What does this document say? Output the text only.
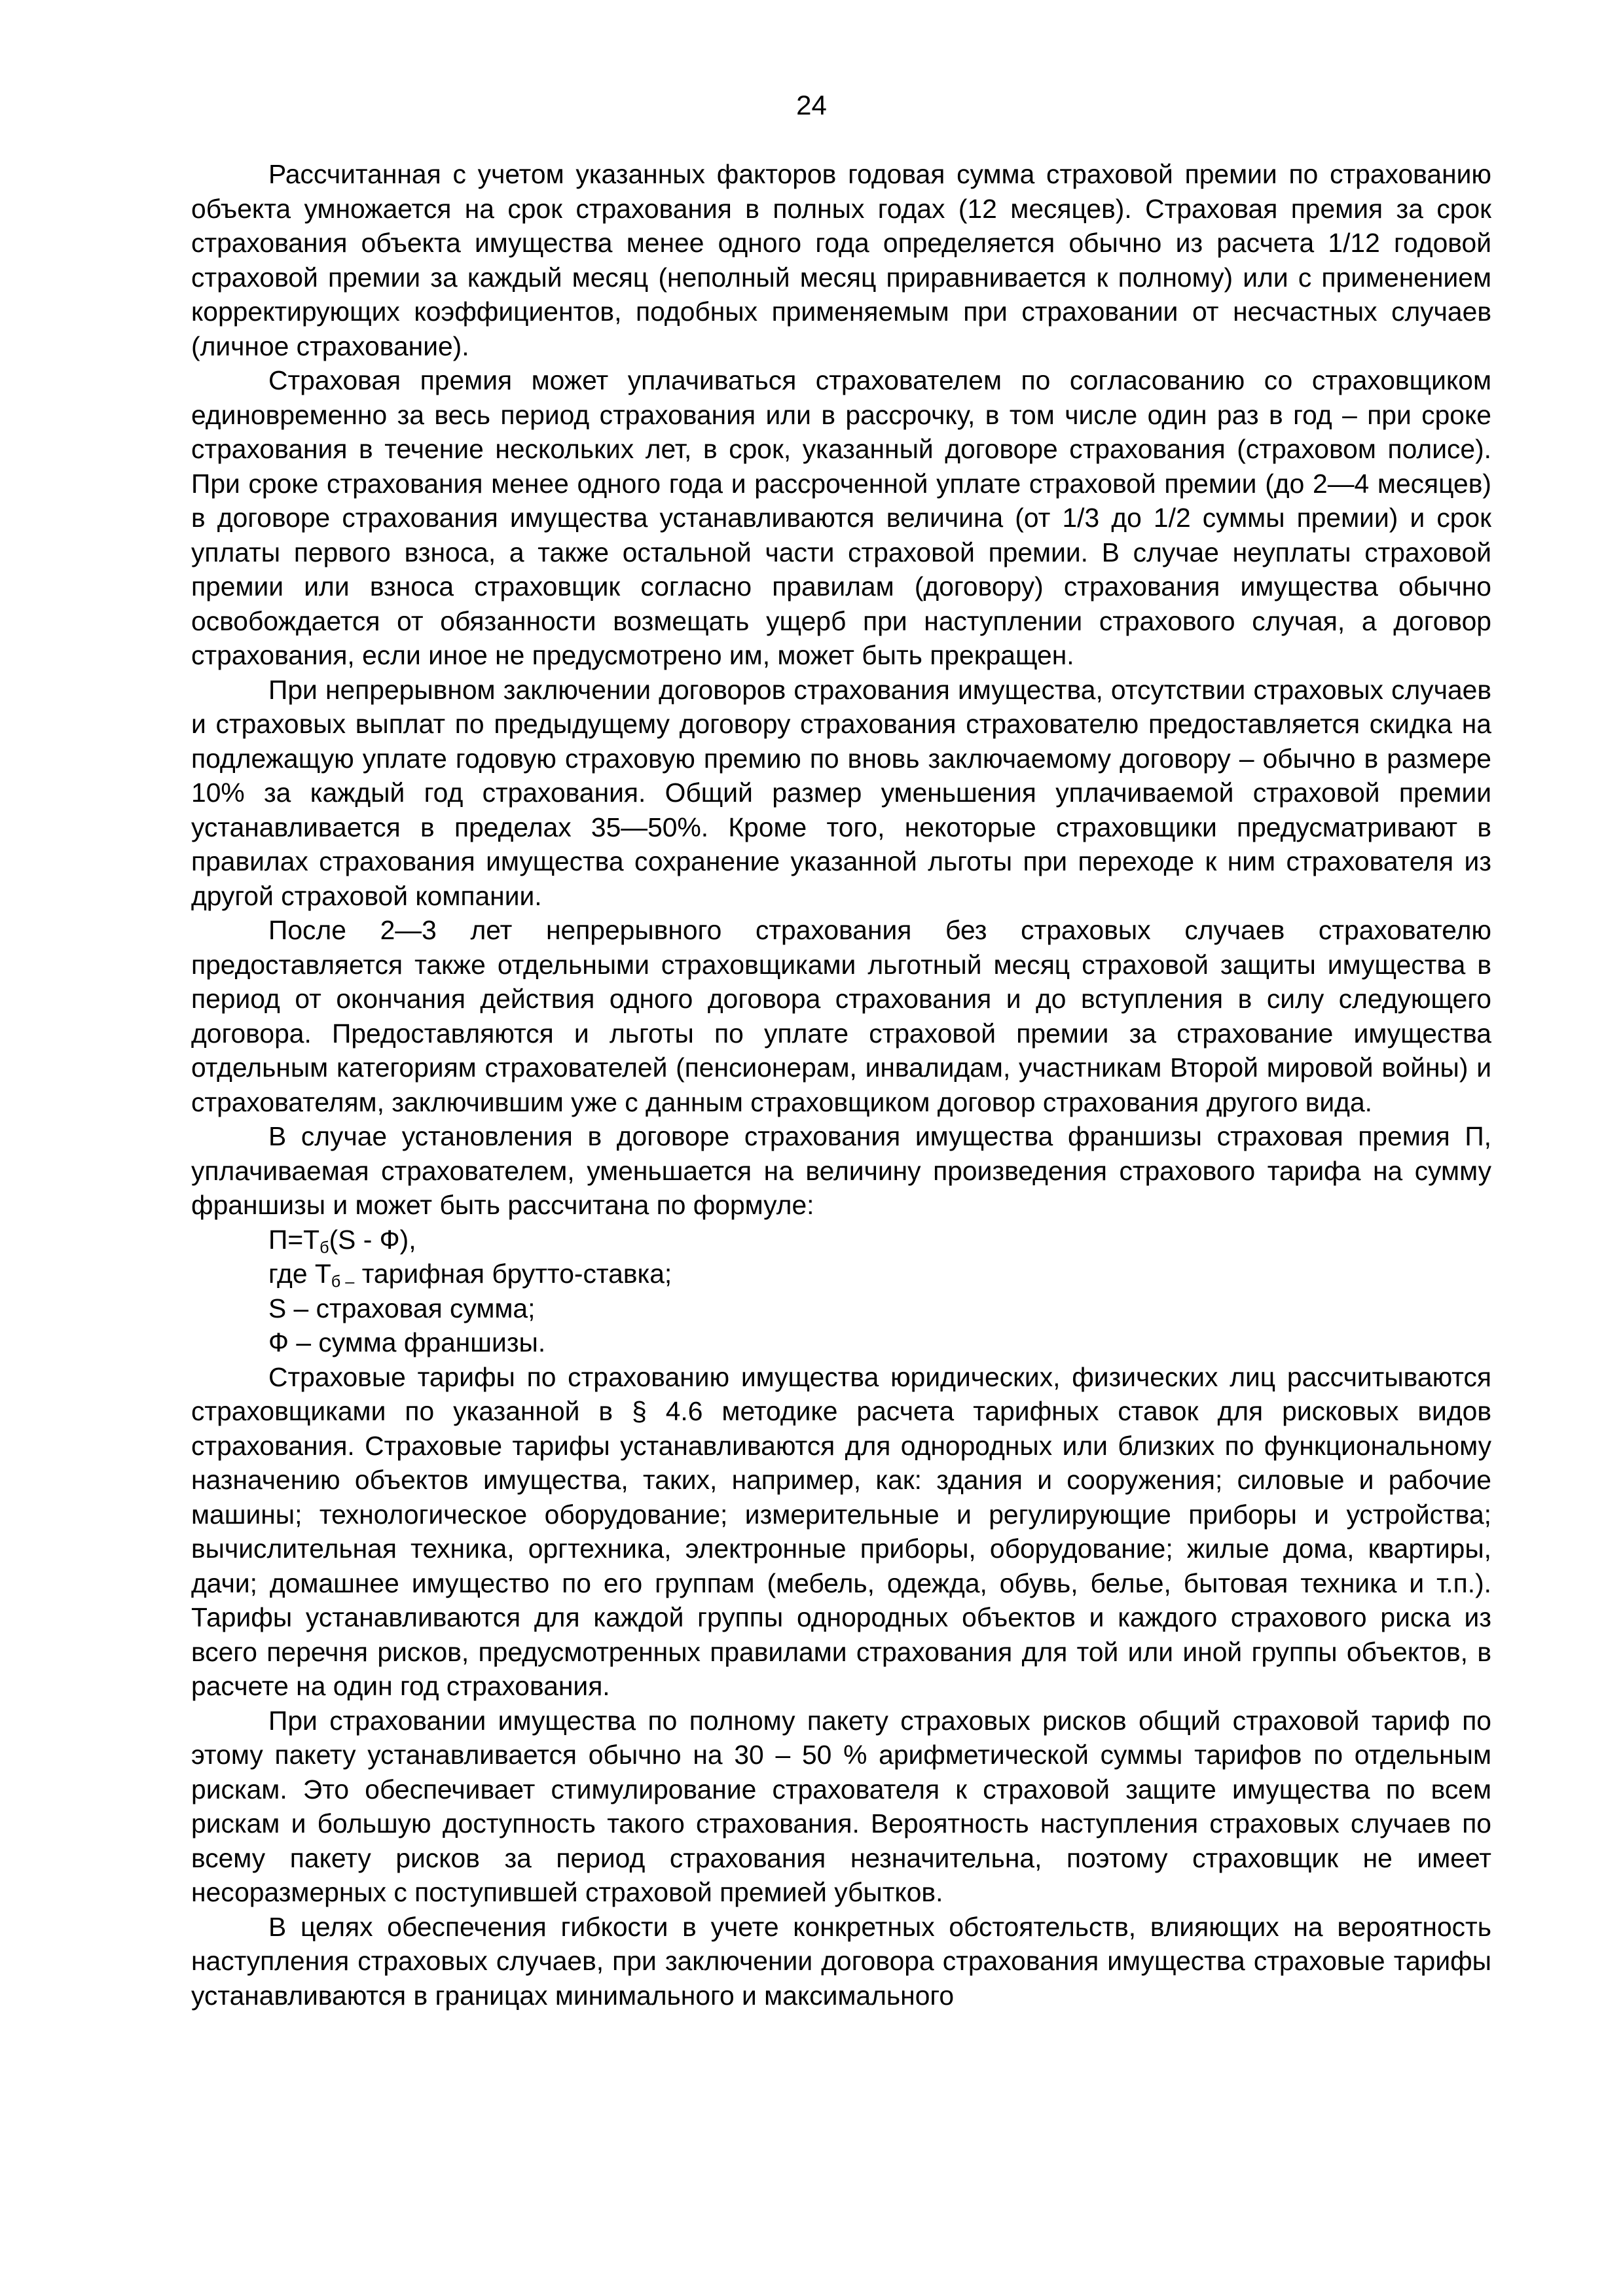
24

Рассчитанная с учетом указанных факторов годовая сумма страховой премии по страхованию объекта умножается на срок страхования в полных годах (12 месяцев). Страховая премия за срок страхования объекта имущества менее одного года определяется обычно из расчета 1/12 годовой страховой премии за каждый месяц (неполный месяц приравнивается к полному) или с применением корректирующих коэффициентов, подобных применяемым при страховании от несчастных случаев (личное страхование).

Страховая премия может уплачиваться страхователем по согласованию со страховщиком единовременно за весь период страхования или в рассрочку, в том числе один раз в год – при сроке страхования в течение нескольких лет, в срок, указанный договоре страхования (страховом полисе). При сроке страхования менее одного года и рассроченной уплате страховой премии (до 2—4 месяцев) в договоре страхования имущества устанавливаются величина (от 1/3 до 1/2 суммы премии) и срок уплаты первого взноса, а также остальной части страховой премии. В случае неуплаты страховой премии или взноса страховщик согласно правилам (договору) страхования имущества обычно освобождается от обязанности возмещать ущерб при наступлении страхового случая, а договор страхования, если иное не предусмотрено им, может быть прекращен.

При непрерывном заключении договоров страхования имущества, отсутствии страховых случаев и страховых выплат по предыдущему договору страхования страхователю предоставляется скидка на подлежащую уплате годовую страховую премию по вновь заключаемому договору – обычно в размере 10% за каждый год страхования. Общий размер уменьшения уплачиваемой страховой премии устанавливается в пределах 35—50%. Кроме того, некоторые страховщики предусматривают в правилах страхования имущества сохранение указанной льготы при переходе к ним страхователя из другой страховой компании.

После 2—3 лет непрерывного страхования без страховых случаев страхователю предоставляется также отдельными страховщиками льготный месяц страховой защиты имущества в период от окончания действия одного договора страхования и до вступления в силу следующего договора. Предоставляются и льготы по уплате страховой премии за страхование имущества отдельным категориям страхователей (пенсионерам, инвалидам, участникам Второй мировой войны) и страхователям, заключившим уже с данным страховщиком договор страхования другого вида.

В случае установления в договоре страхования имущества франшизы страховая премия П, уплачиваемая страхователем, уменьшается на величину произведения страхового тарифа на сумму франшизы и может быть рассчитана по формуле:

$П=Т_б(S - Ф)$,
где $Т_{б -}$ тарифная брутто-ставка;
S – страховая сумма;
Ф – сумма франшизы.

Страховые тарифы по страхованию имущества юридических, физических лиц рассчитываются страховщиками по указанной в § 4.6 методике расчета тарифных ставок для рисковых видов страхования. Страховые тарифы устанавливаются для однородных или близких по функциональному назначению объектов имущества, таких, например, как: здания и сооружения; силовые и рабочие машины; технологическое оборудование; измерительные и регулирующие приборы и устройства; вычислительная техника, оргтехника, электронные приборы, оборудование; жилые дома, квартиры, дачи; домашнее имущество по его группам (мебель, одежда, обувь, белье, бытовая техника и т.п.). Тарифы устанавливаются для каждой группы однородных объектов и каждого страхового риска из всего перечня рисков, предусмотренных правилами страхования для той или иной группы объектов, в расчете на один год страхования.

При страховании имущества по полному пакету страховых рисков общий страховой тариф по этому пакету устанавливается обычно на 30 – 50 % арифметической суммы тарифов по отдельным рискам. Это обеспечивает стимулирование страхователя к страховой защите имущества по всем рискам и большую доступность такого страхования. Вероятность наступления страховых случаев по всему пакету рисков за период страхования незначительна, поэтому страховщик не имеет несоразмерных с поступившей страховой премией убытков.

В целях обеспечения гибкости в учете конкретных обстоятельств, влияющих на вероятность наступления страховых случаев, при заключении договора страхования имущества страховые тарифы устанавливаются в границах минимального и максимального
